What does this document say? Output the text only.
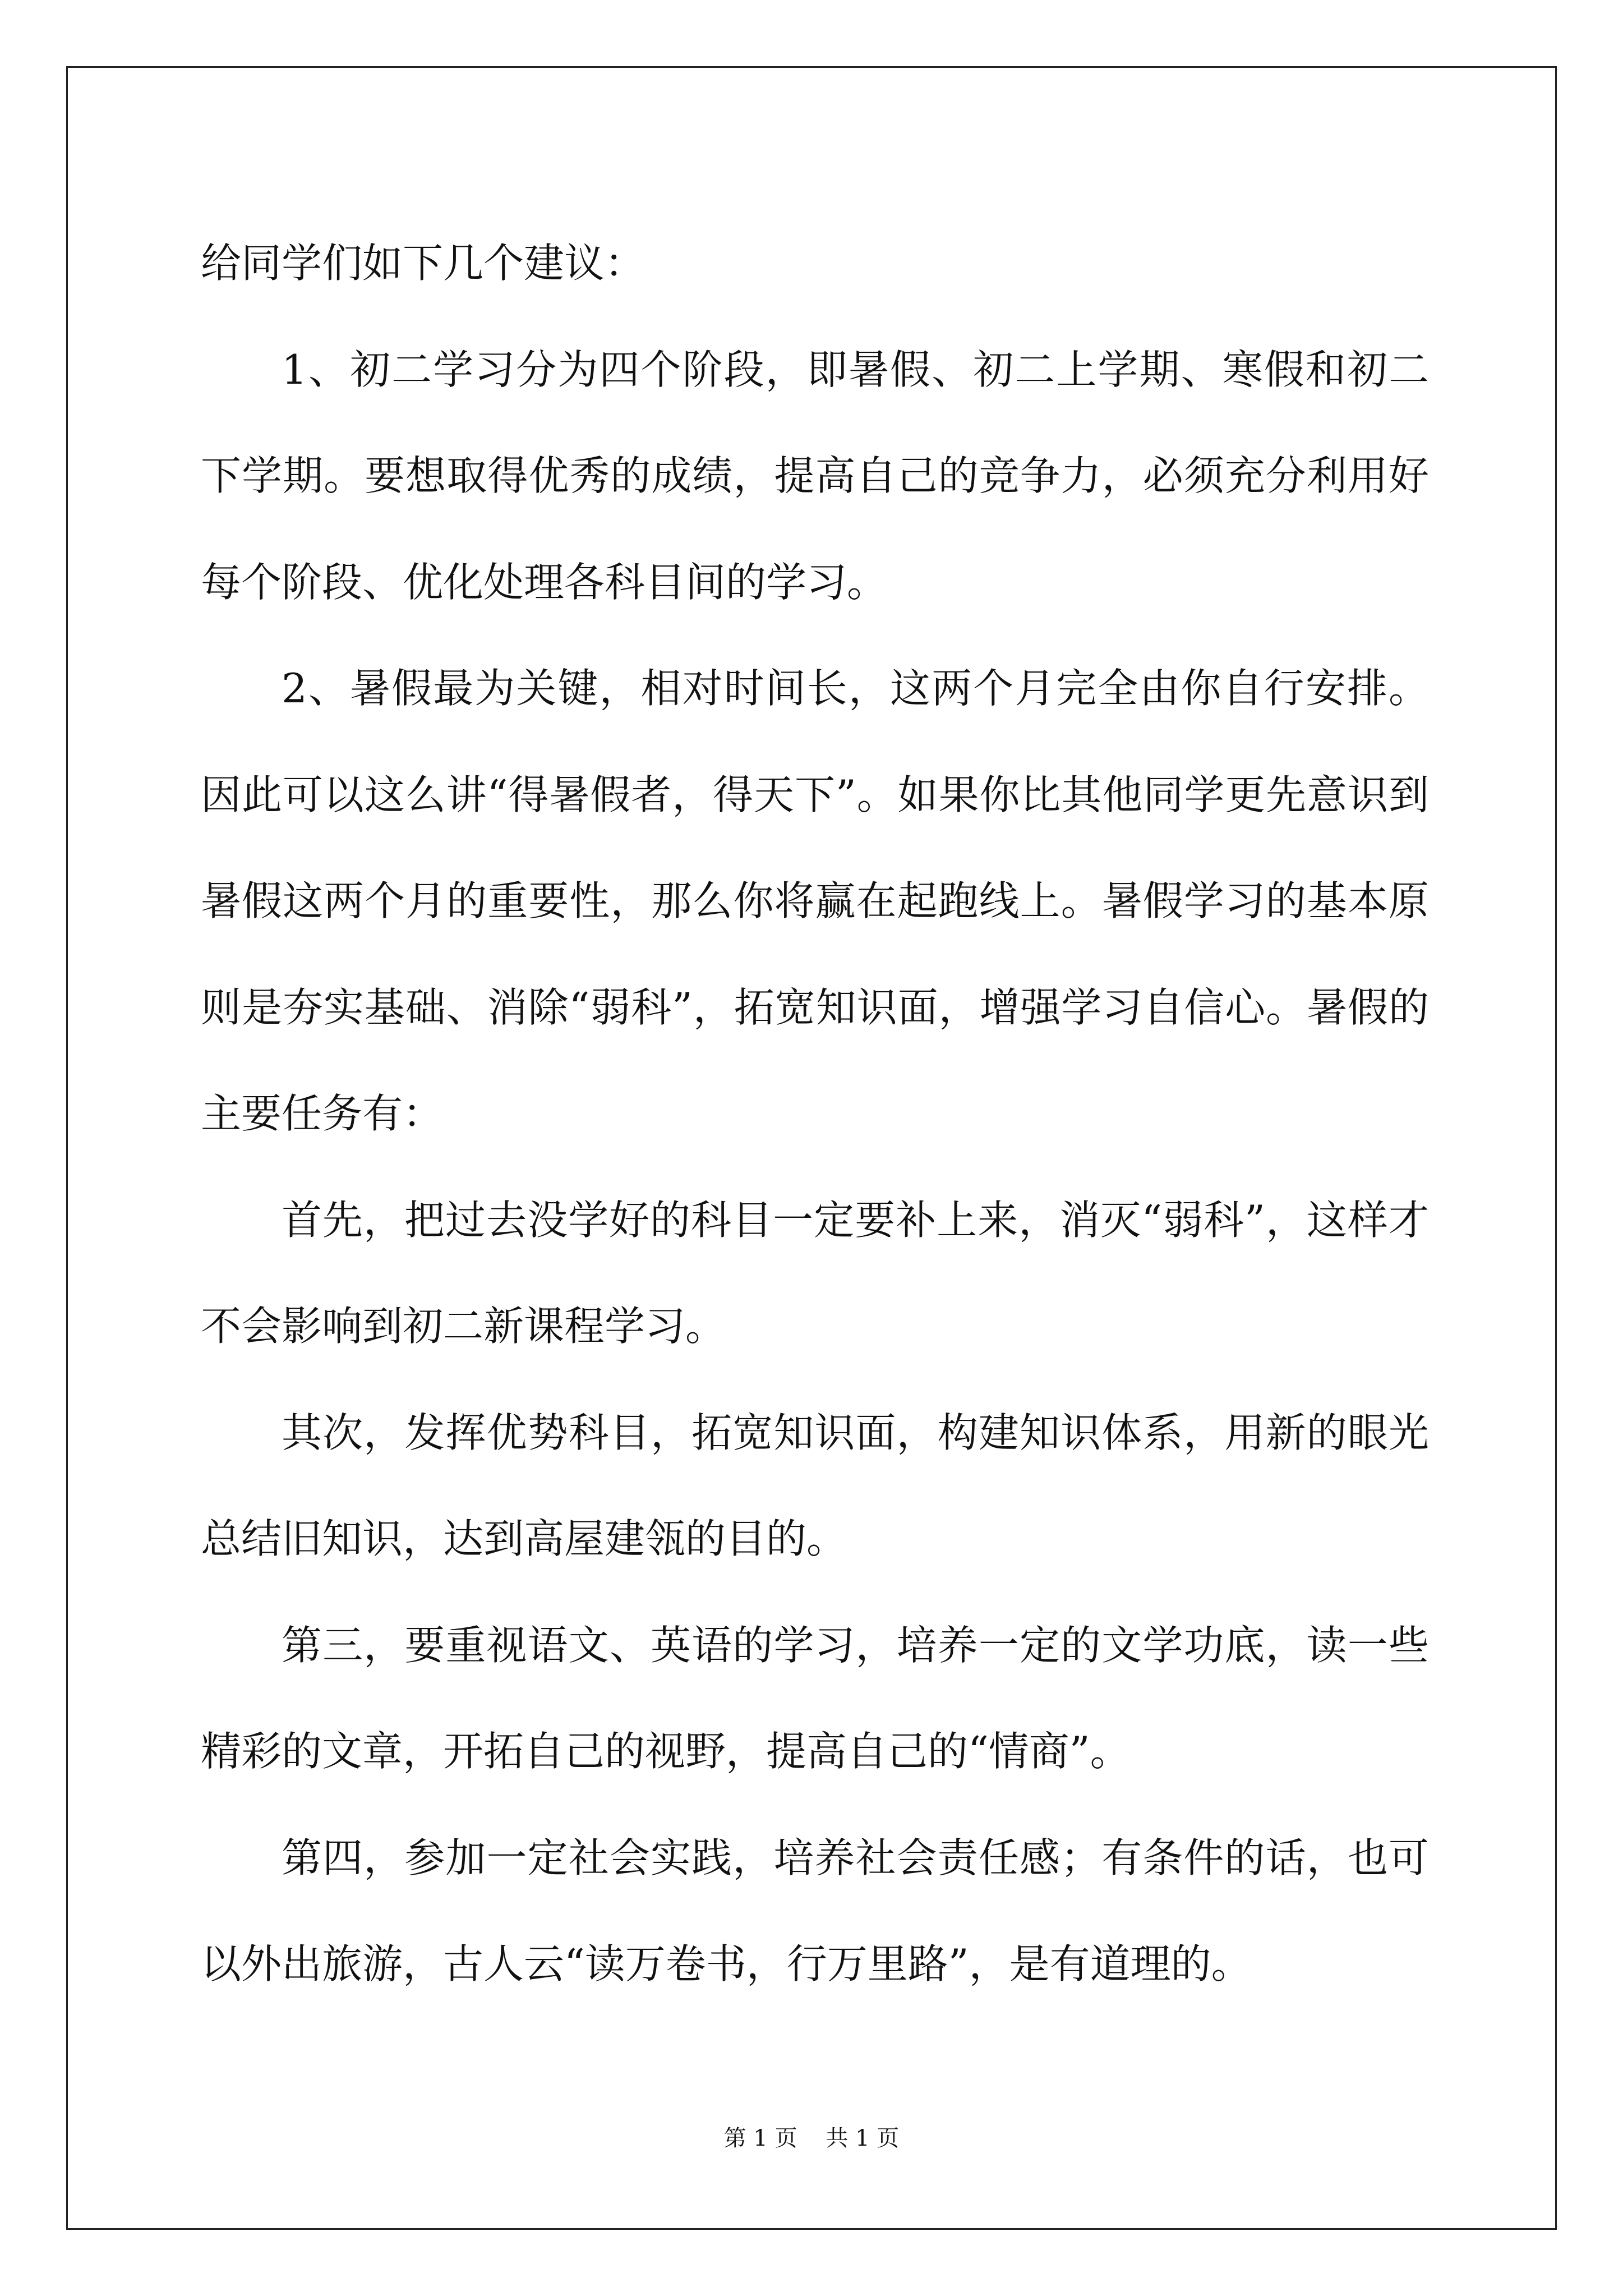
给同学们如下几个建议：

1、初二学习分为四个阶段，即暑假、初二上学期、寒假和初二下学期。要想取得优秀的成绩，提高自己的竞争力，必须充分利用好每个阶段、优化处理各科目间的学习。

2、暑假最为关键，相对时间长，这两个月完全由你自行安排。因此可以这么讲“得暑假者，得天下”。如果你比其他同学更先意识到暑假这两个月的重要性，那么你将赢在起跑线上。暑假学习的基本原则是夯实基础、消除“弱科”，拓宽知识面，增强学习自信心。暑假的主要任务有：

首先，把过去没学好的科目一定要补上来，消灭“弱科”，这样才不会影响到初二新课程学习。

其次，发挥优势科目，拓宽知识面，构建知识体系，用新的眼光总结旧知识，达到高屋建瓴的目的。

第三，要重视语文、英语的学习，培养一定的文学功底，读一些精彩的文章，开拓自己的视野，提高自己的“情商”。

第四，参加一定社会实践，培养社会责任感；有条件的话，也可以外出旅游，古人云“读万卷书，行万里路”，是有道理的。

第 1 页    共 1 页
